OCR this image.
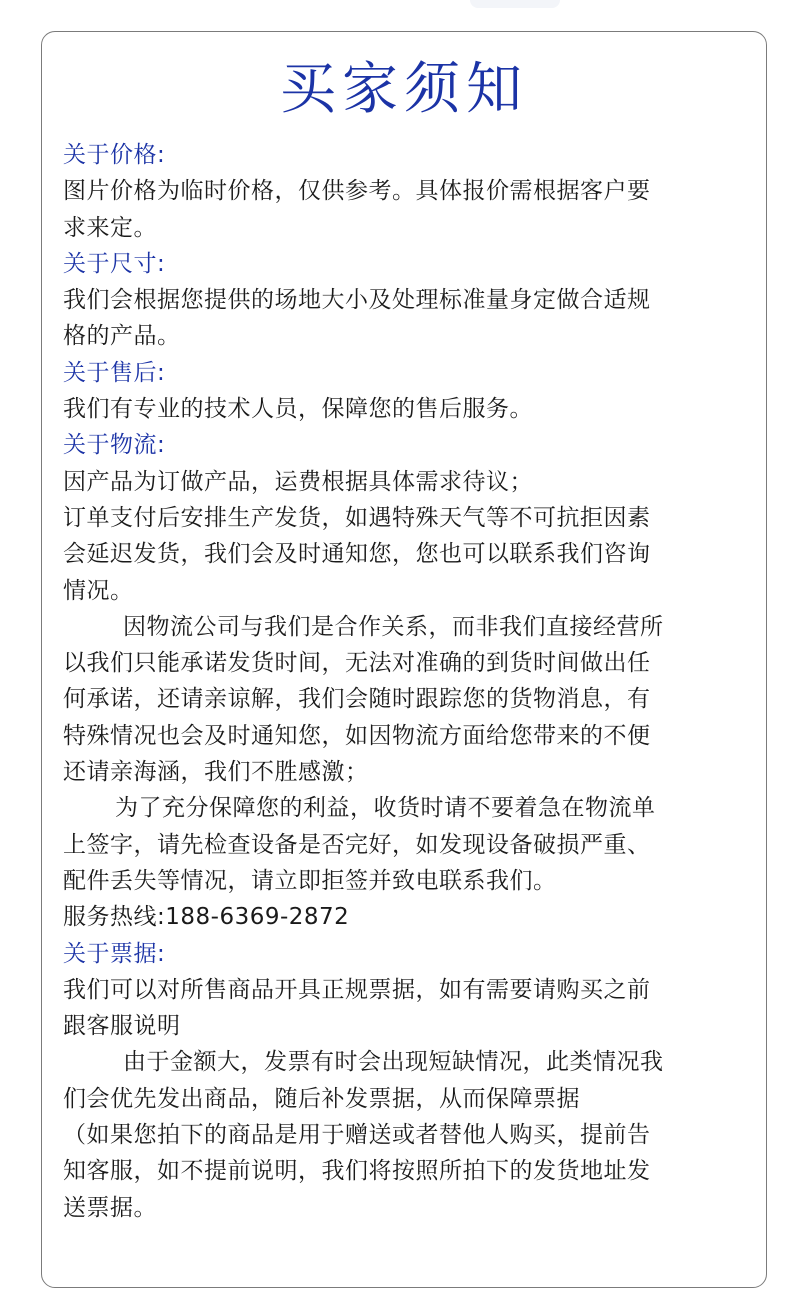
买家须知
关于价格:
图片价格为临时价格，仅供参考。具体报价需根据客户要
求来定。
关于尺寸:
我们会根据您提供的场地大小及处理标准量身定做合适规
格的产品。
关于售后:
我们有专业的技术人员，保障您的售后服务。
关于物流:
因产品为订做产品，运费根据具体需求待议；
订单支付后安排生产发货，如遇特殊天气等不可抗拒因素
会延迟发货，我们会及时通知您，您也可以联系我们咨询
情况。
因物流公司与我们是合作关系，而非我们直接经营所
以我们只能承诺发货时间，无法对准确的到货时间做出任
何承诺，还请亲谅解，我们会随时跟踪您的货物消息，有
特殊情况也会及时通知您，如因物流方面给您带来的不便
还请亲海涵，我们不胜感激；
为了充分保障您的利益，收货时请不要着急在物流单
上签字，请先检查设备是否完好，如发现设备破损严重、
配件丢失等情况，请立即拒签并致电联系我们。
服务热线:188-6369-2872
关于票据:
我们可以对所售商品开具正规票据，如有需要请购买之前
跟客服说明
由于金额大，发票有时会出现短缺情况，此类情况我
们会优先发出商品，随后补发票据，从而保障票据
（如果您拍下的商品是用于赠送或者替他人购买，提前告
知客服，如不提前说明，我们将按照所拍下的发货地址发
送票据。
